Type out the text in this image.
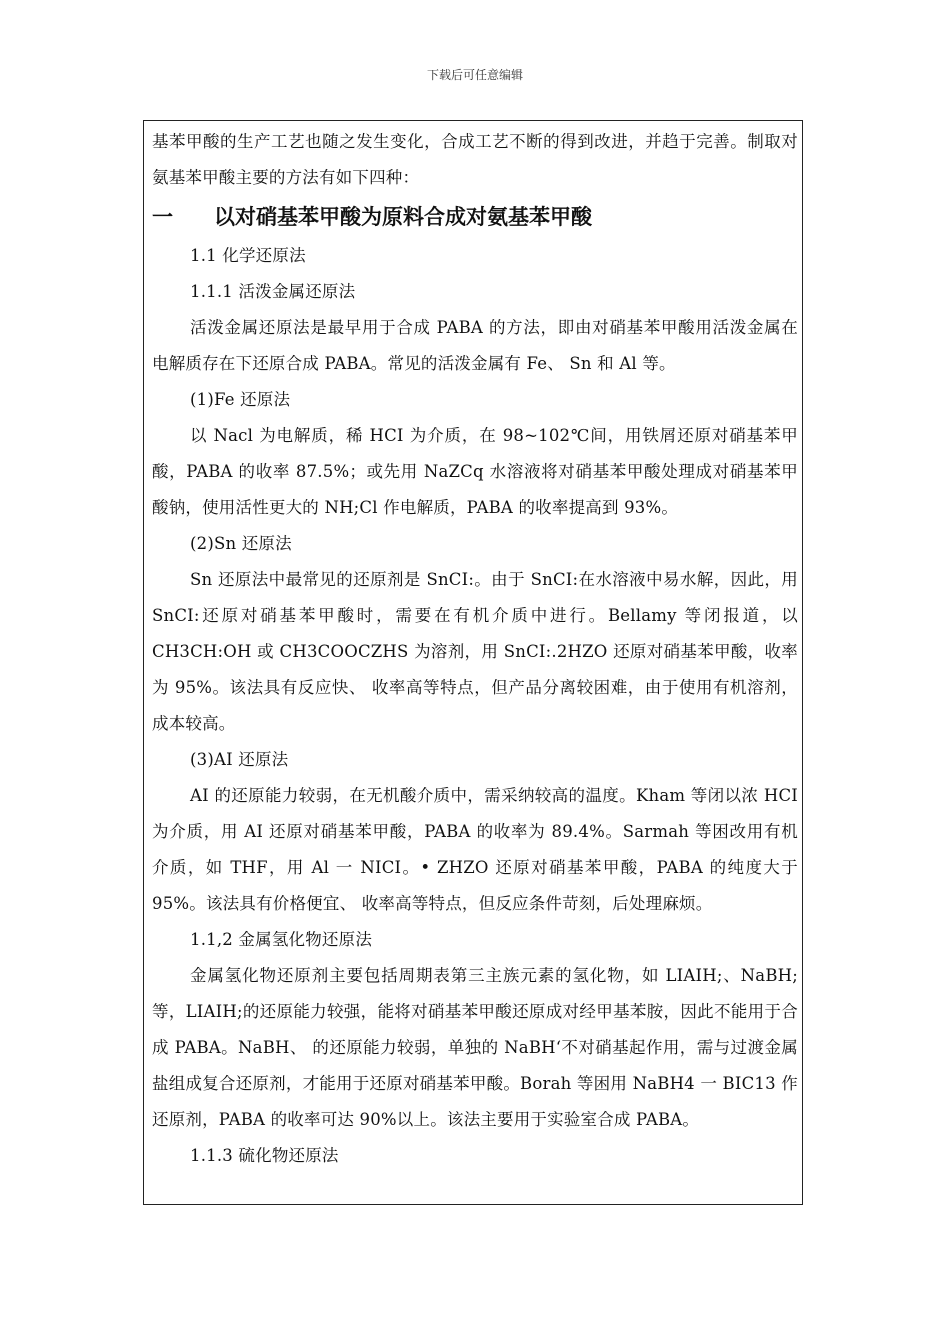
下载后可任意编辑

基苯甲酸的生产工艺也随之发生变化，合成工艺不断的得到改进，并趋于完善。制取对氨基苯甲酸主要的方法有如下四种：

一 以对硝基苯甲酸为原料合成对氨基苯甲酸

1.1 化学还原法

1.1.1 活泼金属还原法

活泼金属还原法是最早用于合成 PABA 的方法，即由对硝基苯甲酸用活泼金属在电解质存在下还原合成 PABA。常见的活泼金属有 Fe、 Sn 和 Al 等。

(1)Fe 还原法

以 Nacl 为电解质，稀 HCI 为介质，在 98~102℃间，用铁屑还原对硝基苯甲酸，PABA 的收率 87.5%；或先用 NaZCq 水溶液将对硝基苯甲酸处理成对硝基苯甲酸钠，使用活性更大的 NH;Cl 作电解质，PABA 的收率提高到 93%。

(2)Sn 还原法

Sn 还原法中最常见的还原剂是 SnCI:。由于 SnCI:在水溶液中易水解，因此，用 SnCI:还原对硝基苯甲酸时，需要在有机介质中进行。Bellamy 等闭报道，以 CH3CH:OH 或 CH3COOCZHS 为溶剂，用 SnCI:.2HZO 还原对硝基苯甲酸，收率为 95%。该法具有反应快、 收率高等特点，但产品分离较困难，由于使用有机溶剂，成本较高。

(3)AI 还原法

AI 的还原能力较弱，在无机酸介质中，需采纳较高的温度。Kham 等闭以浓 HCI 为介质，用 AI 还原对硝基苯甲酸，PABA 的收率为 89.4%。Sarmah 等困改用有机介质，如 THF，用 Al 一 NICI。• ZHZO 还原对硝基苯甲酸，PABA 的纯度大于 95%。该法具有价格便宜、 收率高等特点，但反应条件苛刻，后处理麻烦。

1.1,2 金属氢化物还原法

金属氢化物还原剂主要包括周期表第三主族元素的氢化物，如 LIAIH;、NaBH;等，LIAIH;的还原能力较强，能将对硝基苯甲酸还原成对经甲基苯胺，因此不能用于合成 PABA。NaBH、 的还原能力较弱，单独的 NaBH‘不对硝基起作用，需与过渡金属盐组成复合还原剂，才能用于还原对硝基苯甲酸。Borah 等困用 NaBH4 一 BIC13 作还原剂，PABA 的收率可达 90%以上。该法主要用于实验室合成 PABA。

1.1.3 硫化物还原法
